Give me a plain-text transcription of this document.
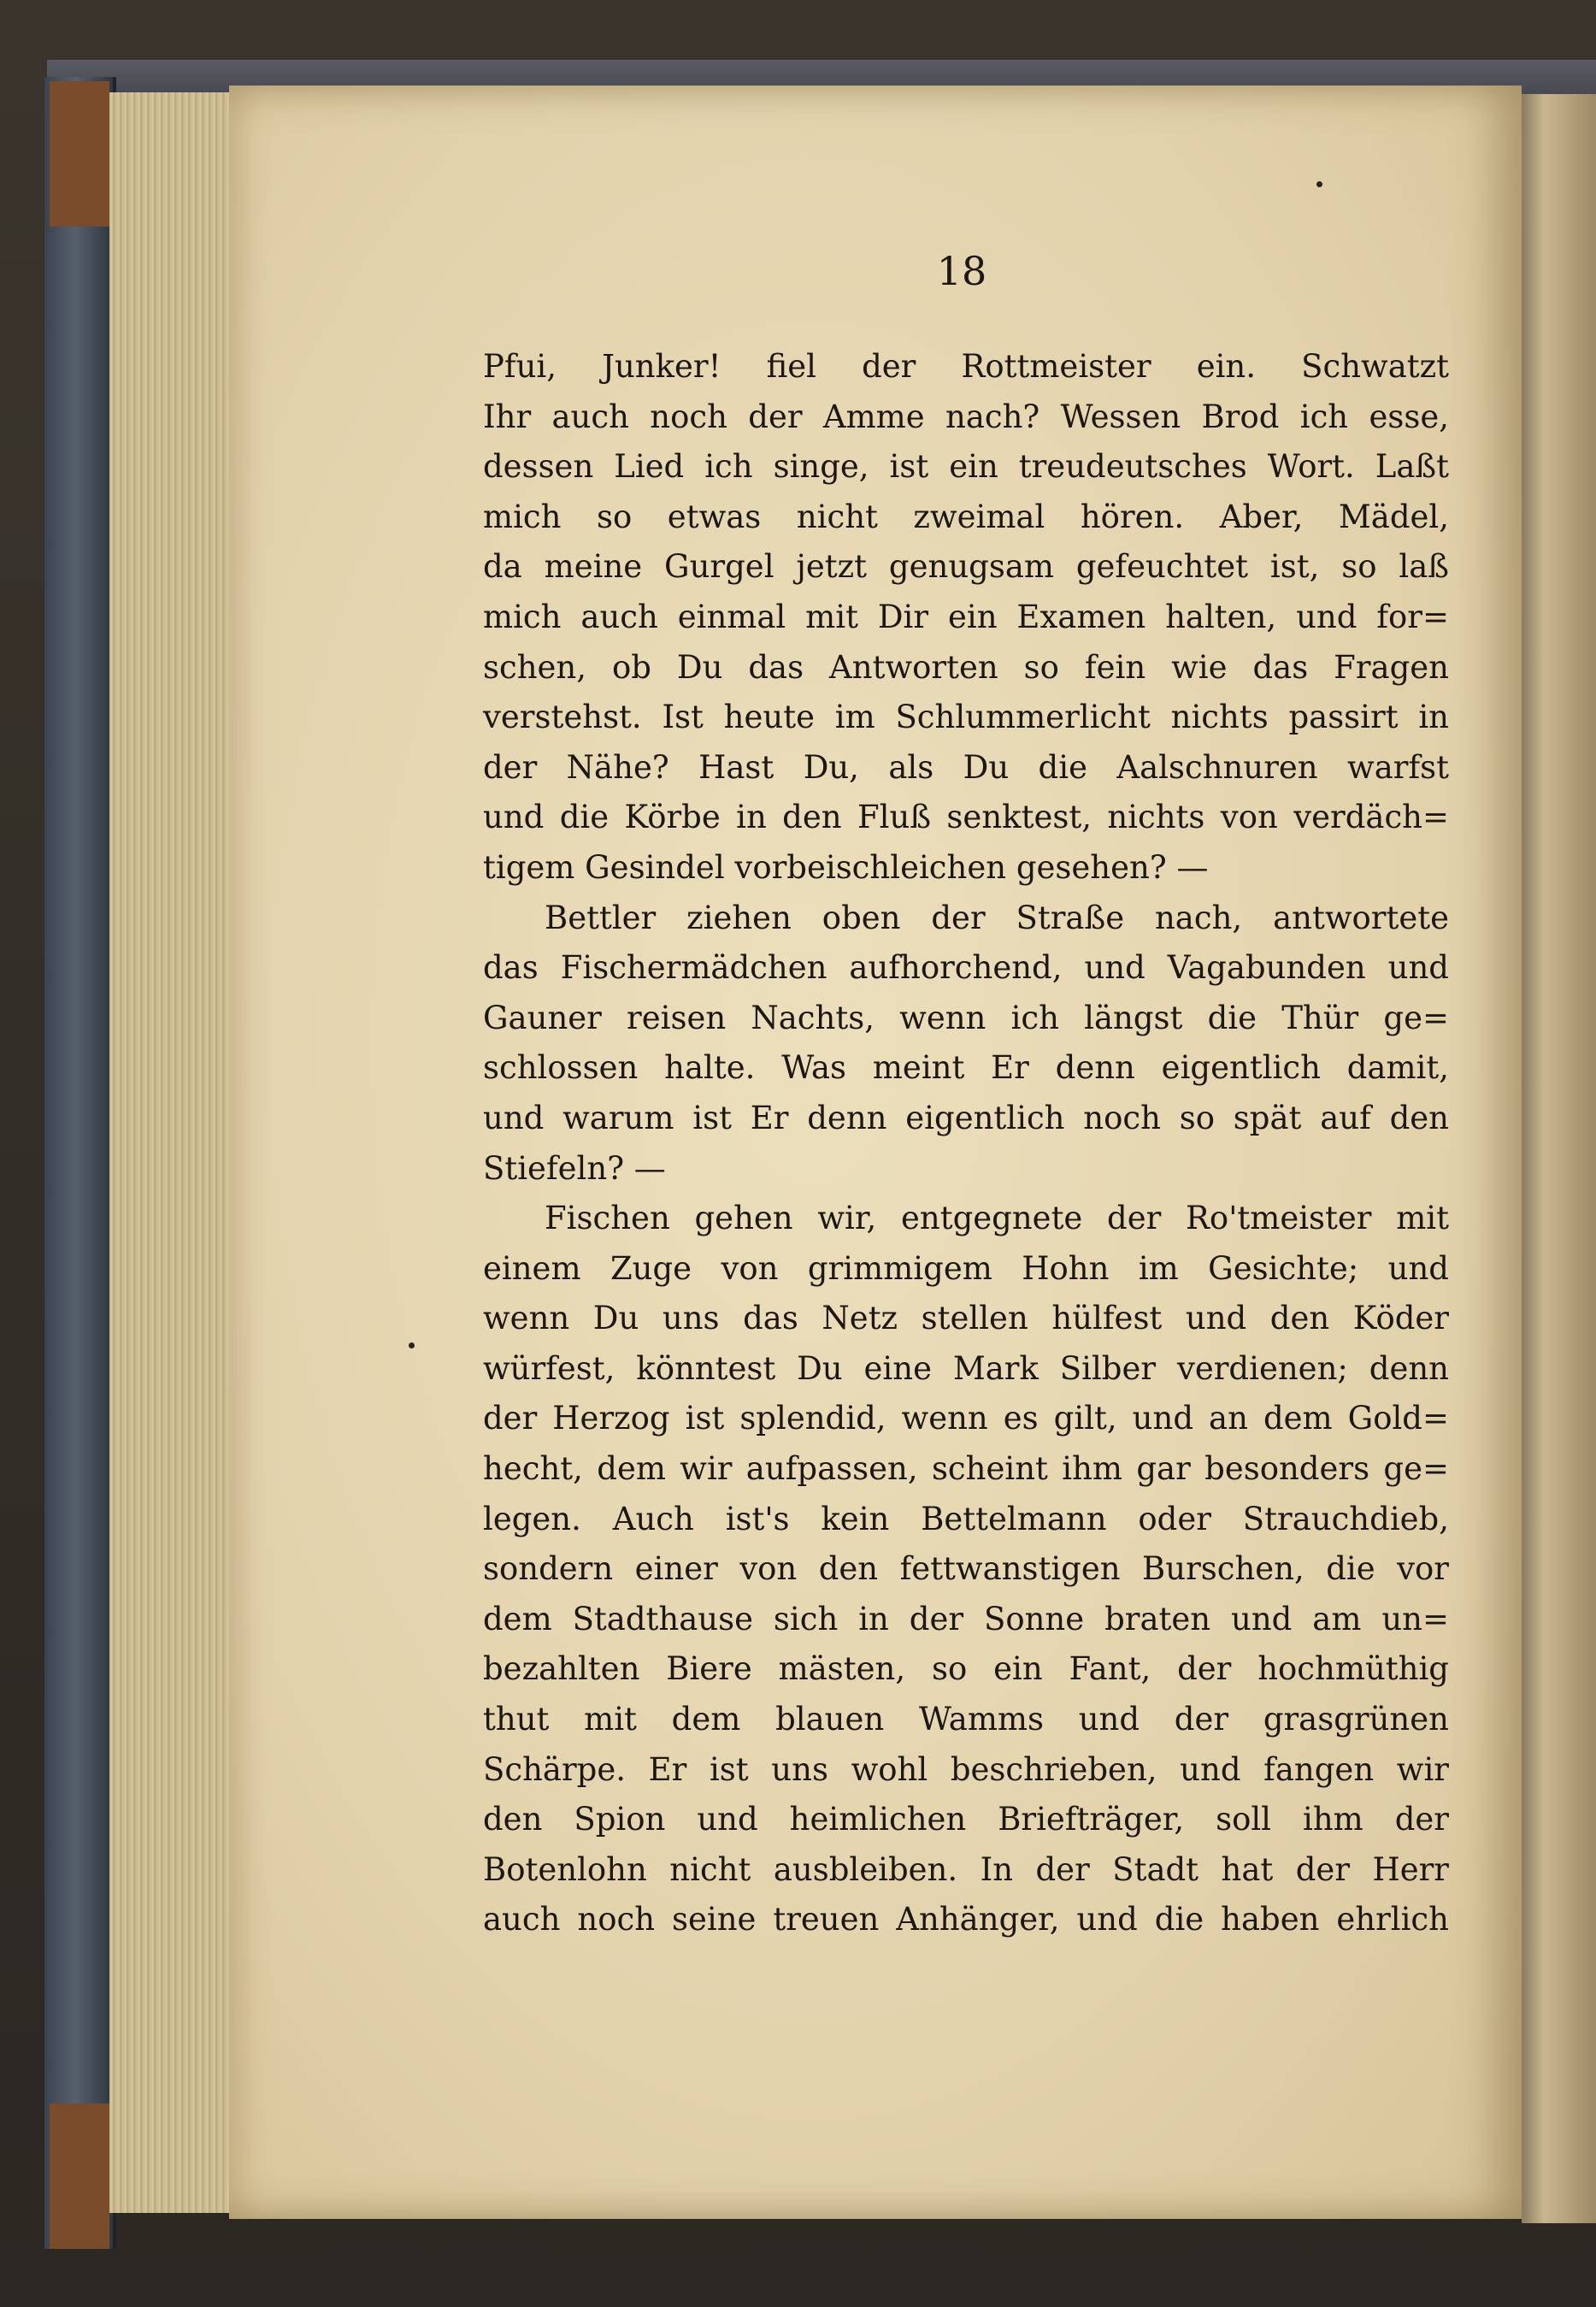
18
Pfui, Junker! fiel der Rottmeister ein. Schwatzt
Ihr auch noch der Amme nach? Wessen Brod ich esse,
dessen Lied ich singe, ist ein treudeutsches Wort. Laßt
mich so etwas nicht zweimal hören. Aber, Mädel,
da meine Gurgel jetzt genugsam gefeuchtet ist, so laß
mich auch einmal mit Dir ein Examen halten, und for=
schen, ob Du das Antworten so fein wie das Fragen
verstehst. Ist heute im Schlummerlicht nichts passirt in
der Nähe? Hast Du, als Du die Aalschnuren warfst
und die Körbe in den Fluß senktest, nichts von verdäch=
tigem Gesindel vorbeischleichen gesehen? —
Bettler ziehen oben der Straße nach, antwortete
das Fischermädchen aufhorchend, und Vagabunden und
Gauner reisen Nachts, wenn ich längst die Thür ge=
schlossen halte. Was meint Er denn eigentlich damit,
und warum ist Er denn eigentlich noch so spät auf den
Stiefeln? —
Fischen gehen wir, entgegnete der Ro'tmeister mit
einem Zuge von grimmigem Hohn im Gesichte; und
wenn Du uns das Netz stellen hülfest und den Köder
würfest, könntest Du eine Mark Silber verdienen; denn
der Herzog ist splendid, wenn es gilt, und an dem Gold=
hecht, dem wir aufpassen, scheint ihm gar besonders ge=
legen. Auch ist's kein Bettelmann oder Strauchdieb,
sondern einer von den fettwanstigen Burschen, die vor
dem Stadthause sich in der Sonne braten und am un=
bezahlten Biere mästen, so ein Fant, der hochmüthig
thut mit dem blauen Wamms und der grasgrünen
Schärpe. Er ist uns wohl beschrieben, und fangen wir
den Spion und heimlichen Briefträger, soll ihm der
Botenlohn nicht ausbleiben. In der Stadt hat der Herr
auch noch seine treuen Anhänger, und die haben ehrlich
